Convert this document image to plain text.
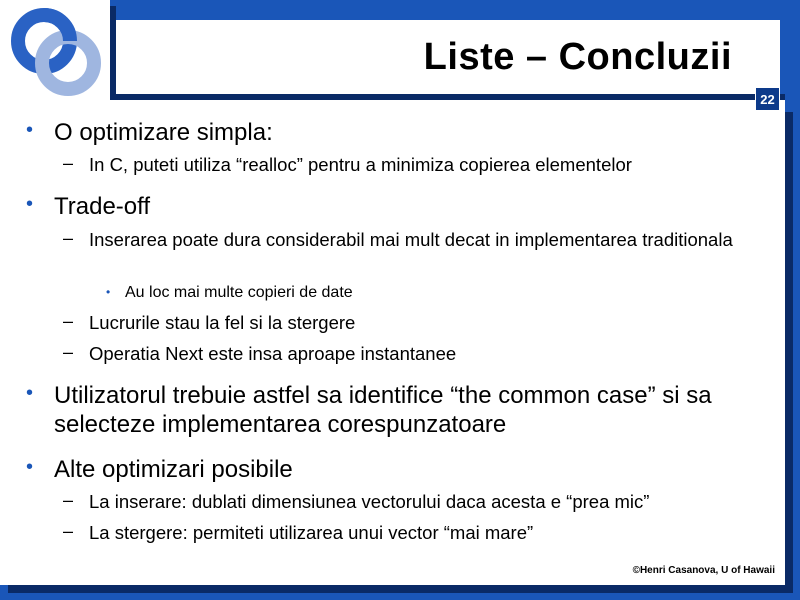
Liste – Concluzii
22
• O optimizare simpla:
– In C, puteti utiliza “realloc” pentru a minimiza copierea elementelor
• Trade-off
– Inserarea poate dura considerabil mai mult decat in implementarea traditionala
• Au loc mai multe copieri de date
– Lucrurile stau la fel si la stergere
– Operatia Next este insa aproape instantanee
• Utilizatorul trebuie astfel sa identifice “the common case” si sa selecteze implementarea corespunzatoare
• Alte optimizari posibile
– La inserare: dublati dimensiunea vectorului daca acesta e “prea mic”
– La stergere: permiteti utilizarea unui vector “mai mare”
©Henri Casanova, U of Hawaii
